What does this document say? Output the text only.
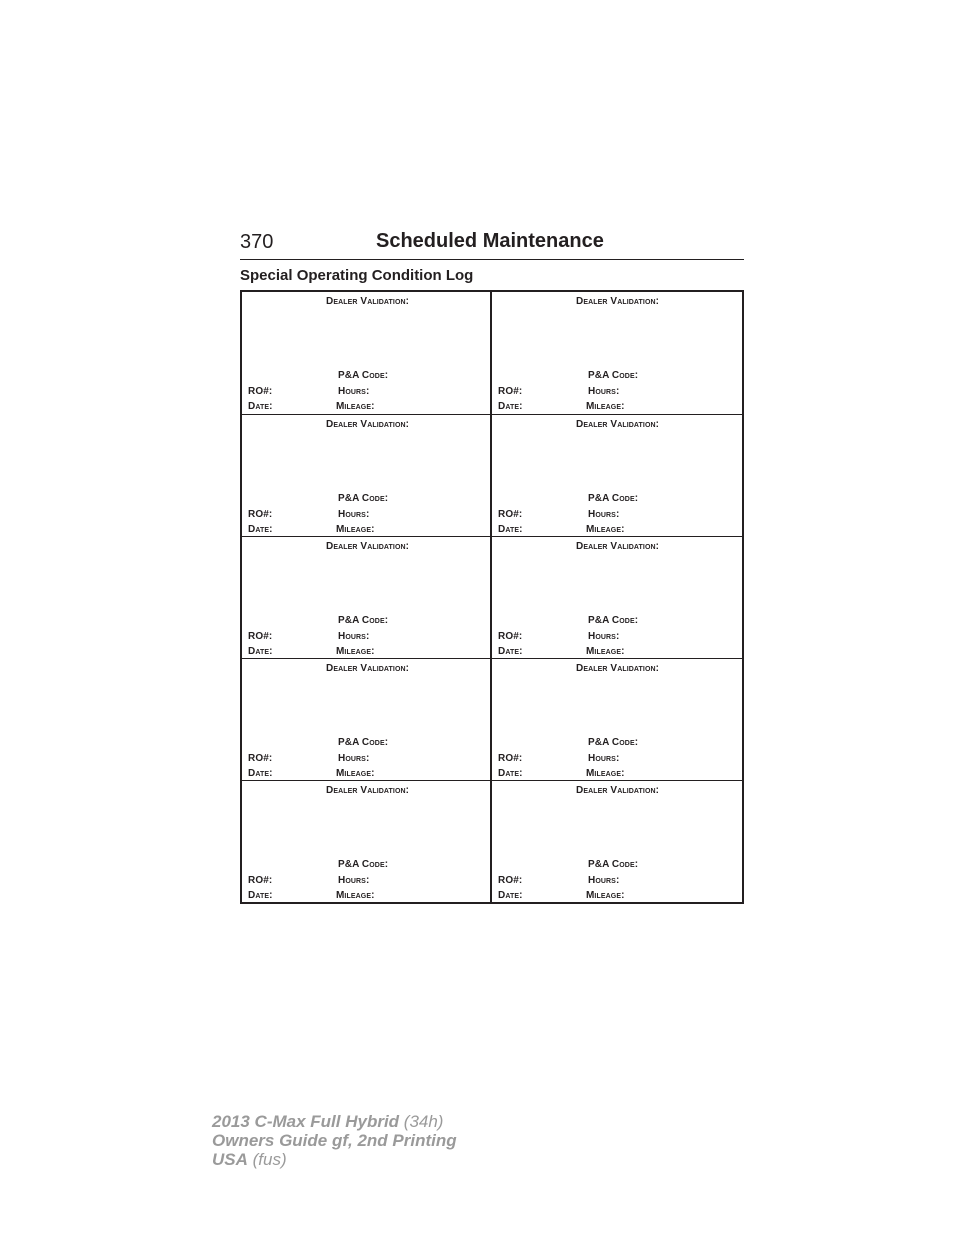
370	Scheduled Maintenance
Special Operating Condition Log
Dealer Validation:
P&A Code:
RO#:	Hours:
Date:	Mileage:
Dealer Validation:
P&A Code:
RO#:	Hours:
Date:	Mileage:
Dealer Validation:
P&A Code:
RO#:	Hours:
Date:	Mileage:
Dealer Validation:
P&A Code:
RO#:	Hours:
Date:	Mileage:
Dealer Validation:
P&A Code:
RO#:	Hours:
Date:	Mileage:
Dealer Validation:
P&A Code:
RO#:	Hours:
Date:	Mileage:
Dealer Validation:
P&A Code:
RO#:	Hours:
Date:	Mileage:
Dealer Validation:
P&A Code:
RO#:	Hours:
Date:	Mileage:
Dealer Validation:
P&A Code:
RO#:	Hours:
Date:	Mileage:
Dealer Validation:
P&A Code:
RO#:	Hours:
Date:	Mileage:
2013 C-Max Full Hybrid (34h)
Owners Guide gf, 2nd Printing
USA (fus)
